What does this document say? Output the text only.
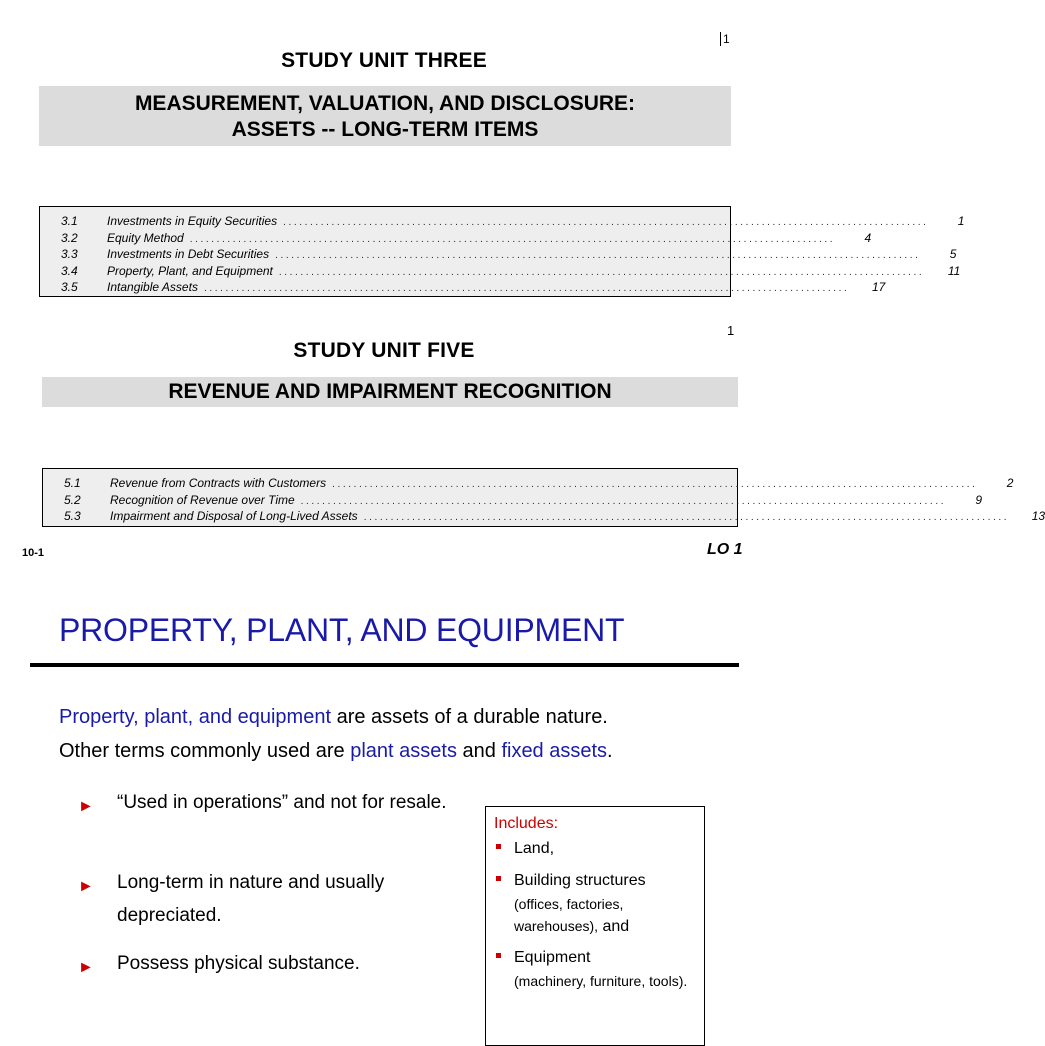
1
STUDY UNIT THREE
MEASUREMENT, VALUATION, AND DISCLOSURE:
ASSETS -- LONG-TERM ITEMS
3.1	Investments in Equity Securities ........................................................................................................................	1
3.2	Equity Method ........................................................................................................................	4
3.3	Investments in Debt Securities ........................................................................................................................	5
3.4	Property, Plant, and Equipment ........................................................................................................................	11
3.5	Intangible Assets ........................................................................................................................	17
1
STUDY UNIT FIVE
REVENUE AND IMPAIRMENT RECOGNITION
5.1	Revenue from Contracts with Customers ........................................................................................................................	2
5.2	Recognition of Revenue over Time ........................................................................................................................	9
5.3	Impairment and Disposal of Long-Lived Assets ........................................................................................................................	13
10-1	LO 1
PROPERTY, PLANT, AND EQUIPMENT
Property, plant, and equipment are assets of a durable nature.
Other terms commonly used are plant assets and fixed assets.
► “Used in operations” and not for resale.
► Long-term in nature and usually depreciated.
► Possess physical substance.
Includes:
Land,
Building structures
(offices, factories, warehouses), and
Equipment
(machinery, furniture, tools).
